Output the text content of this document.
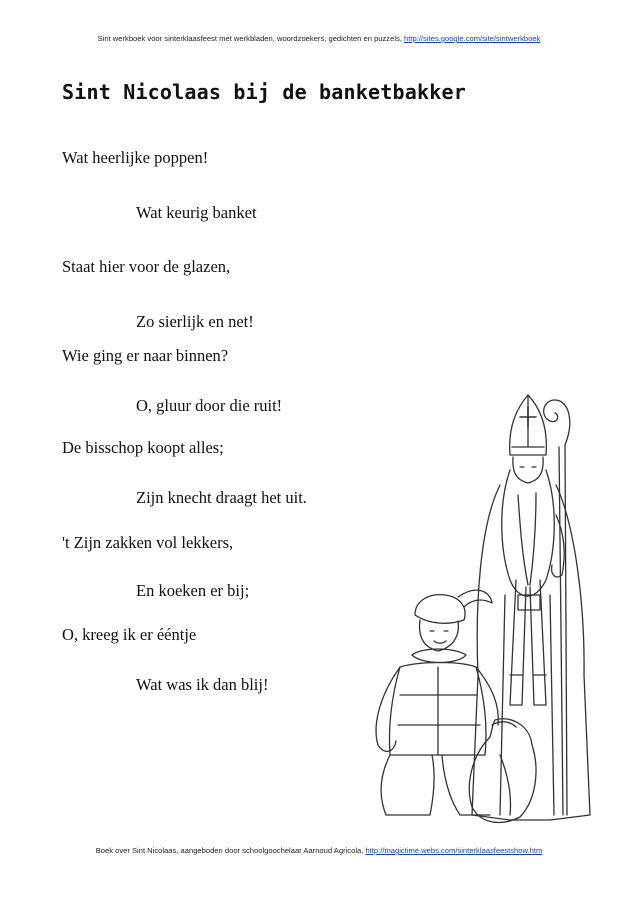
Sint werkboek voor sinterklaasfeest met werkbladen, woordzoekers, gedichten en puzzels, http://sites.google.com/site/sintwerkboek
Sint Nicolaas bij de banketbakker
Wat heerlijke poppen!
Wat keurig banket
Staat hier voor de glazen,
Zo sierlijk en net!
Wie ging er naar binnen?
O, gluur door die ruit!
De bisschop koopt alles;
Zijn knecht draagt het uit.
't Zijn zakken vol lekkers,
En koeken er bij;
O, kreeg ik er ééntje
Wat was ik dan blij!
Boek over Sint Nicolaas, aangeboden door schoolgoochelaar Aarnoud Agricola, http://magictime.webs.com/sinterklaasfeestshow.htm
